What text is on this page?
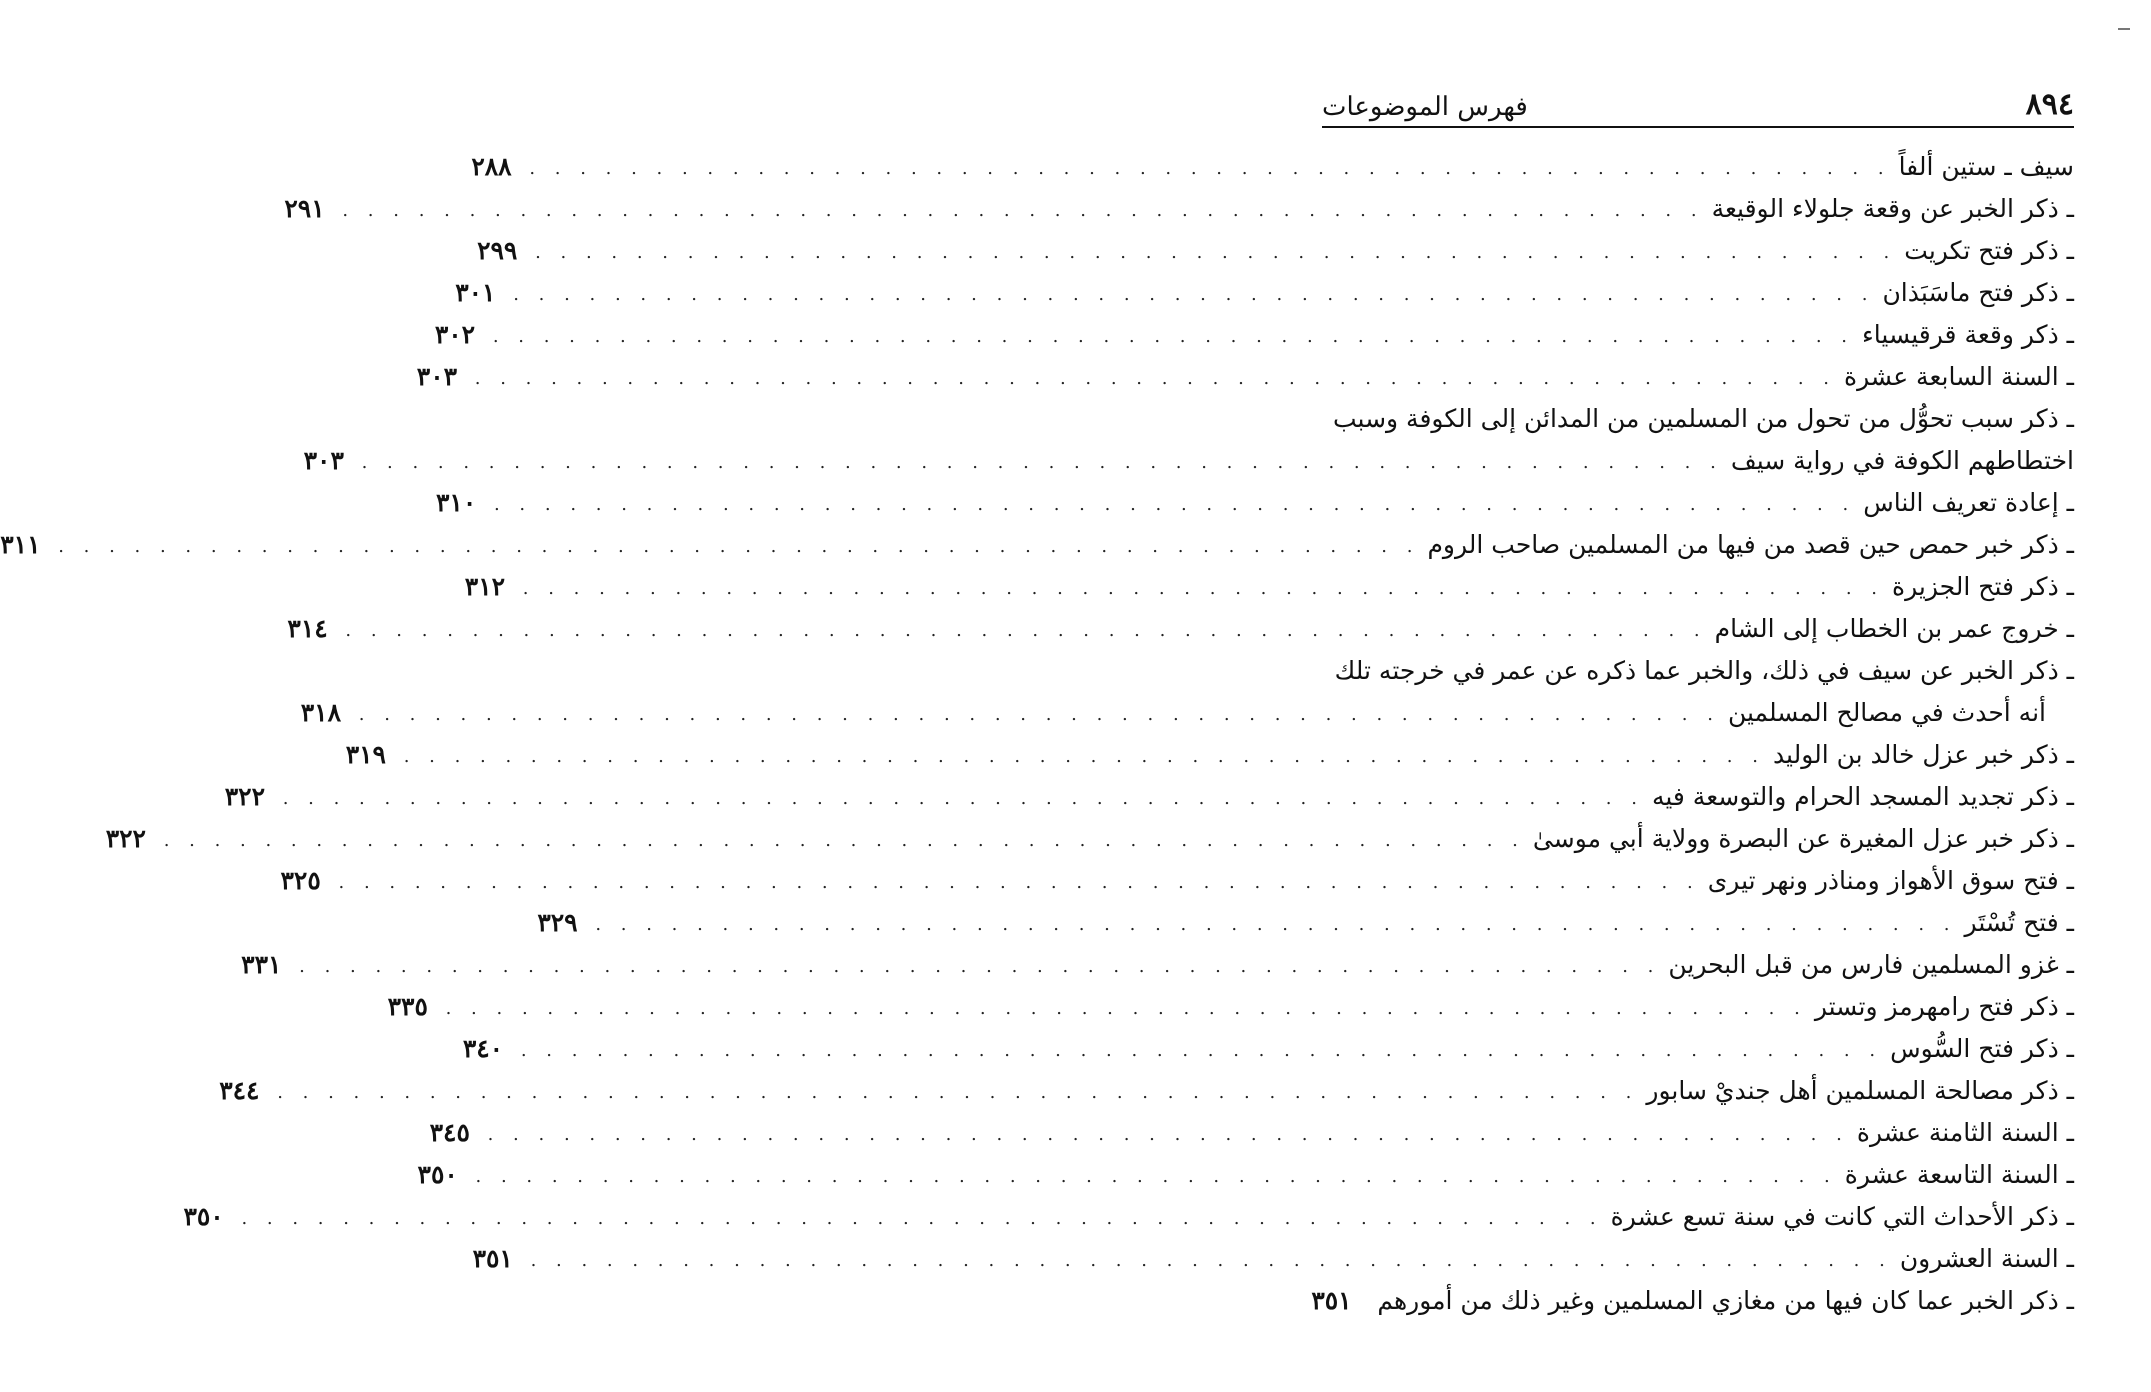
٨٩٤
فهرس الموضوعات
سيف ـ ستين ألفاً
. . . . . . . . . . . . . . . . . . . . . . . . . . . . . . . . . . . . . . . . . . . . . . . . . . . . . .
٢٨٨
ـ ذكر الخبر عن وقعة جلولاء الوقيعة
. . . . . . . . . . . . . . . . . . . . . . . . . . . . . . . . . . . . . . . . . . . . . . . . . . . . . .
٢٩١
ـ ذكر فتح تكريت
. . . . . . . . . . . . . . . . . . . . . . . . . . . . . . . . . . . . . . . . . . . . . . . . . . . . . .
٢٩٩
ـ ذكر فتح ماسَبَذان
. . . . . . . . . . . . . . . . . . . . . . . . . . . . . . . . . . . . . . . . . . . . . . . . . . . . . .
٣٠١
ـ ذكر وقعة قرقيسياء
. . . . . . . . . . . . . . . . . . . . . . . . . . . . . . . . . . . . . . . . . . . . . . . . . . . . . .
٣٠٢
ـ السنة السابعة عشرة
. . . . . . . . . . . . . . . . . . . . . . . . . . . . . . . . . . . . . . . . . . . . . . . . . . . . . .
٣٠٣
ـ ذكر سبب تحوُّل من تحول من المسلمين من المدائن إلى الكوفة وسبب
اختطاطهم الكوفة في رواية سيف
. . . . . . . . . . . . . . . . . . . . . . . . . . . . . . . . . . . . . . . . . . . . . . . . . . . . . .
٣٠٣
ـ إعادة تعريف الناس
. . . . . . . . . . . . . . . . . . . . . . . . . . . . . . . . . . . . . . . . . . . . . . . . . . . . . .
٣١٠
ـ ذكر خبر حمص حين قصد من فيها من المسلمين صاحب الروم
. . . . . . . . . . . . . . . . . . . . . . . . . . . . . . . . . . . . . . . . . . . . . . . . . . . . . .
٣١١
ـ ذكر فتح الجزيرة
. . . . . . . . . . . . . . . . . . . . . . . . . . . . . . . . . . . . . . . . . . . . . . . . . . . . . .
٣١٢
ـ خروج عمر بن الخطاب إلى الشام
. . . . . . . . . . . . . . . . . . . . . . . . . . . . . . . . . . . . . . . . . . . . . . . . . . . . . .
٣١٤
ـ ذكر الخبر عن سيف في ذلك، والخبر عما ذكره عن عمر في خرجته تلك
أنه أحدث في مصالح المسلمين
. . . . . . . . . . . . . . . . . . . . . . . . . . . . . . . . . . . . . . . . . . . . . . . . . . . . . .
٣١٨
ـ ذكر خبر عزل خالد بن الوليد
. . . . . . . . . . . . . . . . . . . . . . . . . . . . . . . . . . . . . . . . . . . . . . . . . . . . . .
٣١٩
ـ ذكر تجديد المسجد الحرام والتوسعة فيه
. . . . . . . . . . . . . . . . . . . . . . . . . . . . . . . . . . . . . . . . . . . . . . . . . . . . . .
٣٢٢
ـ ذكر خبر عزل المغيرة عن البصرة وولاية أبي موسىٰ
. . . . . . . . . . . . . . . . . . . . . . . . . . . . . . . . . . . . . . . . . . . . . . . . . . . . . .
٣٢٢
ـ فتح سوق الأهواز ومناذر ونهر تيرى
. . . . . . . . . . . . . . . . . . . . . . . . . . . . . . . . . . . . . . . . . . . . . . . . . . . . . .
٣٢٥
ـ فتح تُسْتَر
. . . . . . . . . . . . . . . . . . . . . . . . . . . . . . . . . . . . . . . . . . . . . . . . . . . . . .
٣٢٩
ـ غزو المسلمين فارس من قبل البحرين
. . . . . . . . . . . . . . . . . . . . . . . . . . . . . . . . . . . . . . . . . . . . . . . . . . . . . .
٣٣١
ـ ذكر فتح رامهرمز وتستر
. . . . . . . . . . . . . . . . . . . . . . . . . . . . . . . . . . . . . . . . . . . . . . . . . . . . . .
٣٣٥
ـ ذكر فتح السُّوس
. . . . . . . . . . . . . . . . . . . . . . . . . . . . . . . . . . . . . . . . . . . . . . . . . . . . . .
٣٤٠
ـ ذكر مصالحة المسلمين أهل جنديْ سابور
. . . . . . . . . . . . . . . . . . . . . . . . . . . . . . . . . . . . . . . . . . . . . . . . . . . . . .
٣٤٤
ـ السنة الثامنة عشرة
. . . . . . . . . . . . . . . . . . . . . . . . . . . . . . . . . . . . . . . . . . . . . . . . . . . . . .
٣٤٥
ـ السنة التاسعة عشرة
. . . . . . . . . . . . . . . . . . . . . . . . . . . . . . . . . . . . . . . . . . . . . . . . . . . . . .
٣٥٠
ـ ذكر الأحداث التي كانت في سنة تسع عشرة
. . . . . . . . . . . . . . . . . . . . . . . . . . . . . . . . . . . . . . . . . . . . . . . . . . . . . .
٣٥٠
ـ السنة العشرون
. . . . . . . . . . . . . . . . . . . . . . . . . . . . . . . . . . . . . . . . . . . . . . . . . . . . . .
٣٥١
ـ ذكر الخبر عما كان فيها من مغازي المسلمين وغير ذلك من أمورهم
٣٥١
